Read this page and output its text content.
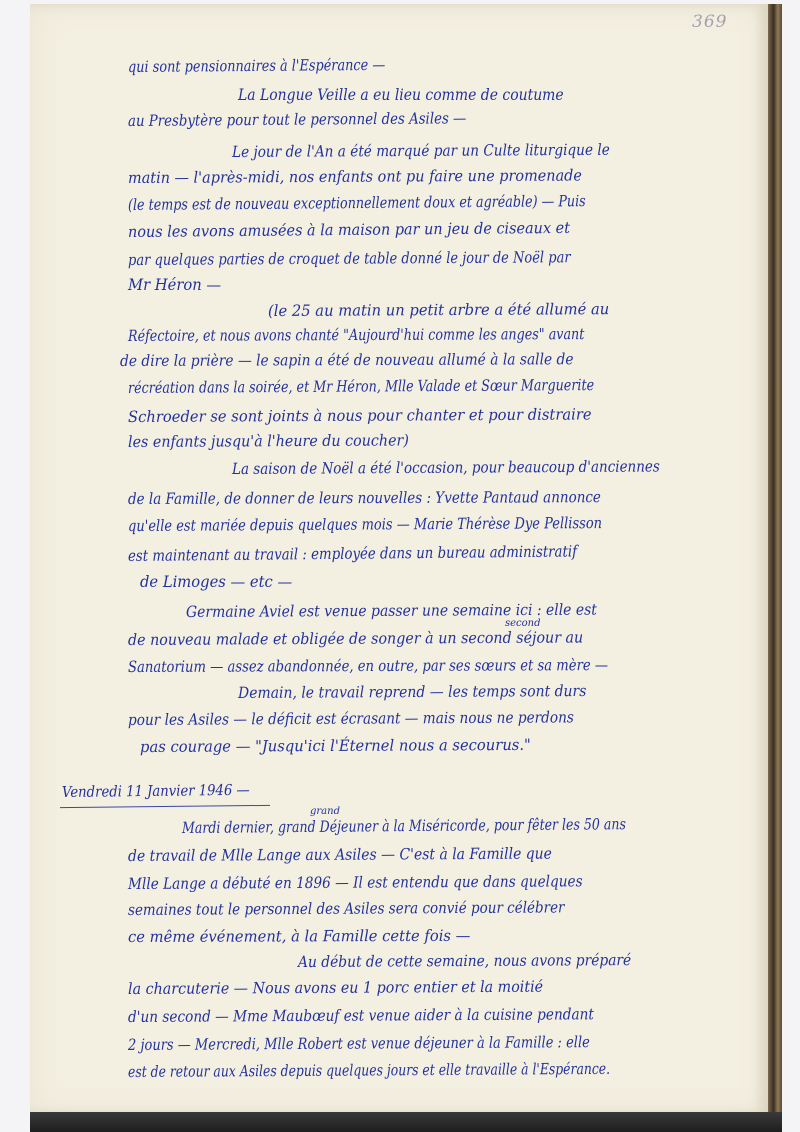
369
qui sont pensionnaires à l'Espérance —
La Longue Veille a eu lieu comme de coutume
au Presbytère pour tout le personnel des Asiles —
Le jour de l'An a été marqué par un Culte liturgique le
matin — l'après-midi, nos enfants ont pu faire une promenade
(le temps est de nouveau exceptionnellement doux et agréable) — Puis
nous les avons amusées à la maison par un jeu de ciseaux et
par quelques parties de croquet de table donné le jour de Noël par
Mr Héron —
(le 25 au matin un petit arbre a été allumé au
Réfectoire, et nous avons chanté "Aujourd'hui comme les anges" avant
de dire la prière — le sapin a été de nouveau allumé à la salle de
récréation dans la soirée, et Mr Héron, Mlle Valade et Sœur Marguerite
Schroeder se sont joints à nous pour chanter et pour distraire
les enfants jusqu'à l'heure du coucher)
La saison de Noël a été l'occasion, pour beaucoup d'anciennes
de la Famille, de donner de leurs nouvelles : Yvette Pantaud annonce
qu'elle est mariée depuis quelques mois — Marie Thérèse Dye Pellisson
est maintenant au travail : employée dans un bureau administratif
de Limoges — etc —
Germaine Aviel est venue passer une semaine ici : elle est
de nouveau malade et obligée de songer à un second séjour au
Sanatorium — assez abandonnée, en outre, par ses sœurs et sa mère —
Demain, le travail reprend — les temps sont durs
pour les Asiles — le déficit est écrasant — mais nous ne perdons
pas courage — "Jusqu'ici l'Éternel nous a secourus."
Vendredi 11 Janvier 1946 —
Mardi dernier, grand Déjeuner à la Miséricorde, pour fêter les 50 ans
de travail de Mlle Lange aux Asiles — C'est à la Famille que
Mlle Lange a débuté en 1896 — Il est entendu que dans quelques
semaines tout le personnel des Asiles sera convié pour célébrer
ce même événement, à la Famille cette fois —
Au début de cette semaine, nous avons préparé
la charcuterie — Nous avons eu 1 porc entier et la moitié
d'un second — Mme Maubœuf est venue aider à la cuisine pendant
2 jours — Mercredi, Mlle Robert est venue déjeuner à la Famille : elle
est de retour aux Asiles depuis quelques jours et elle travaille à l'Espérance.
second
grand
